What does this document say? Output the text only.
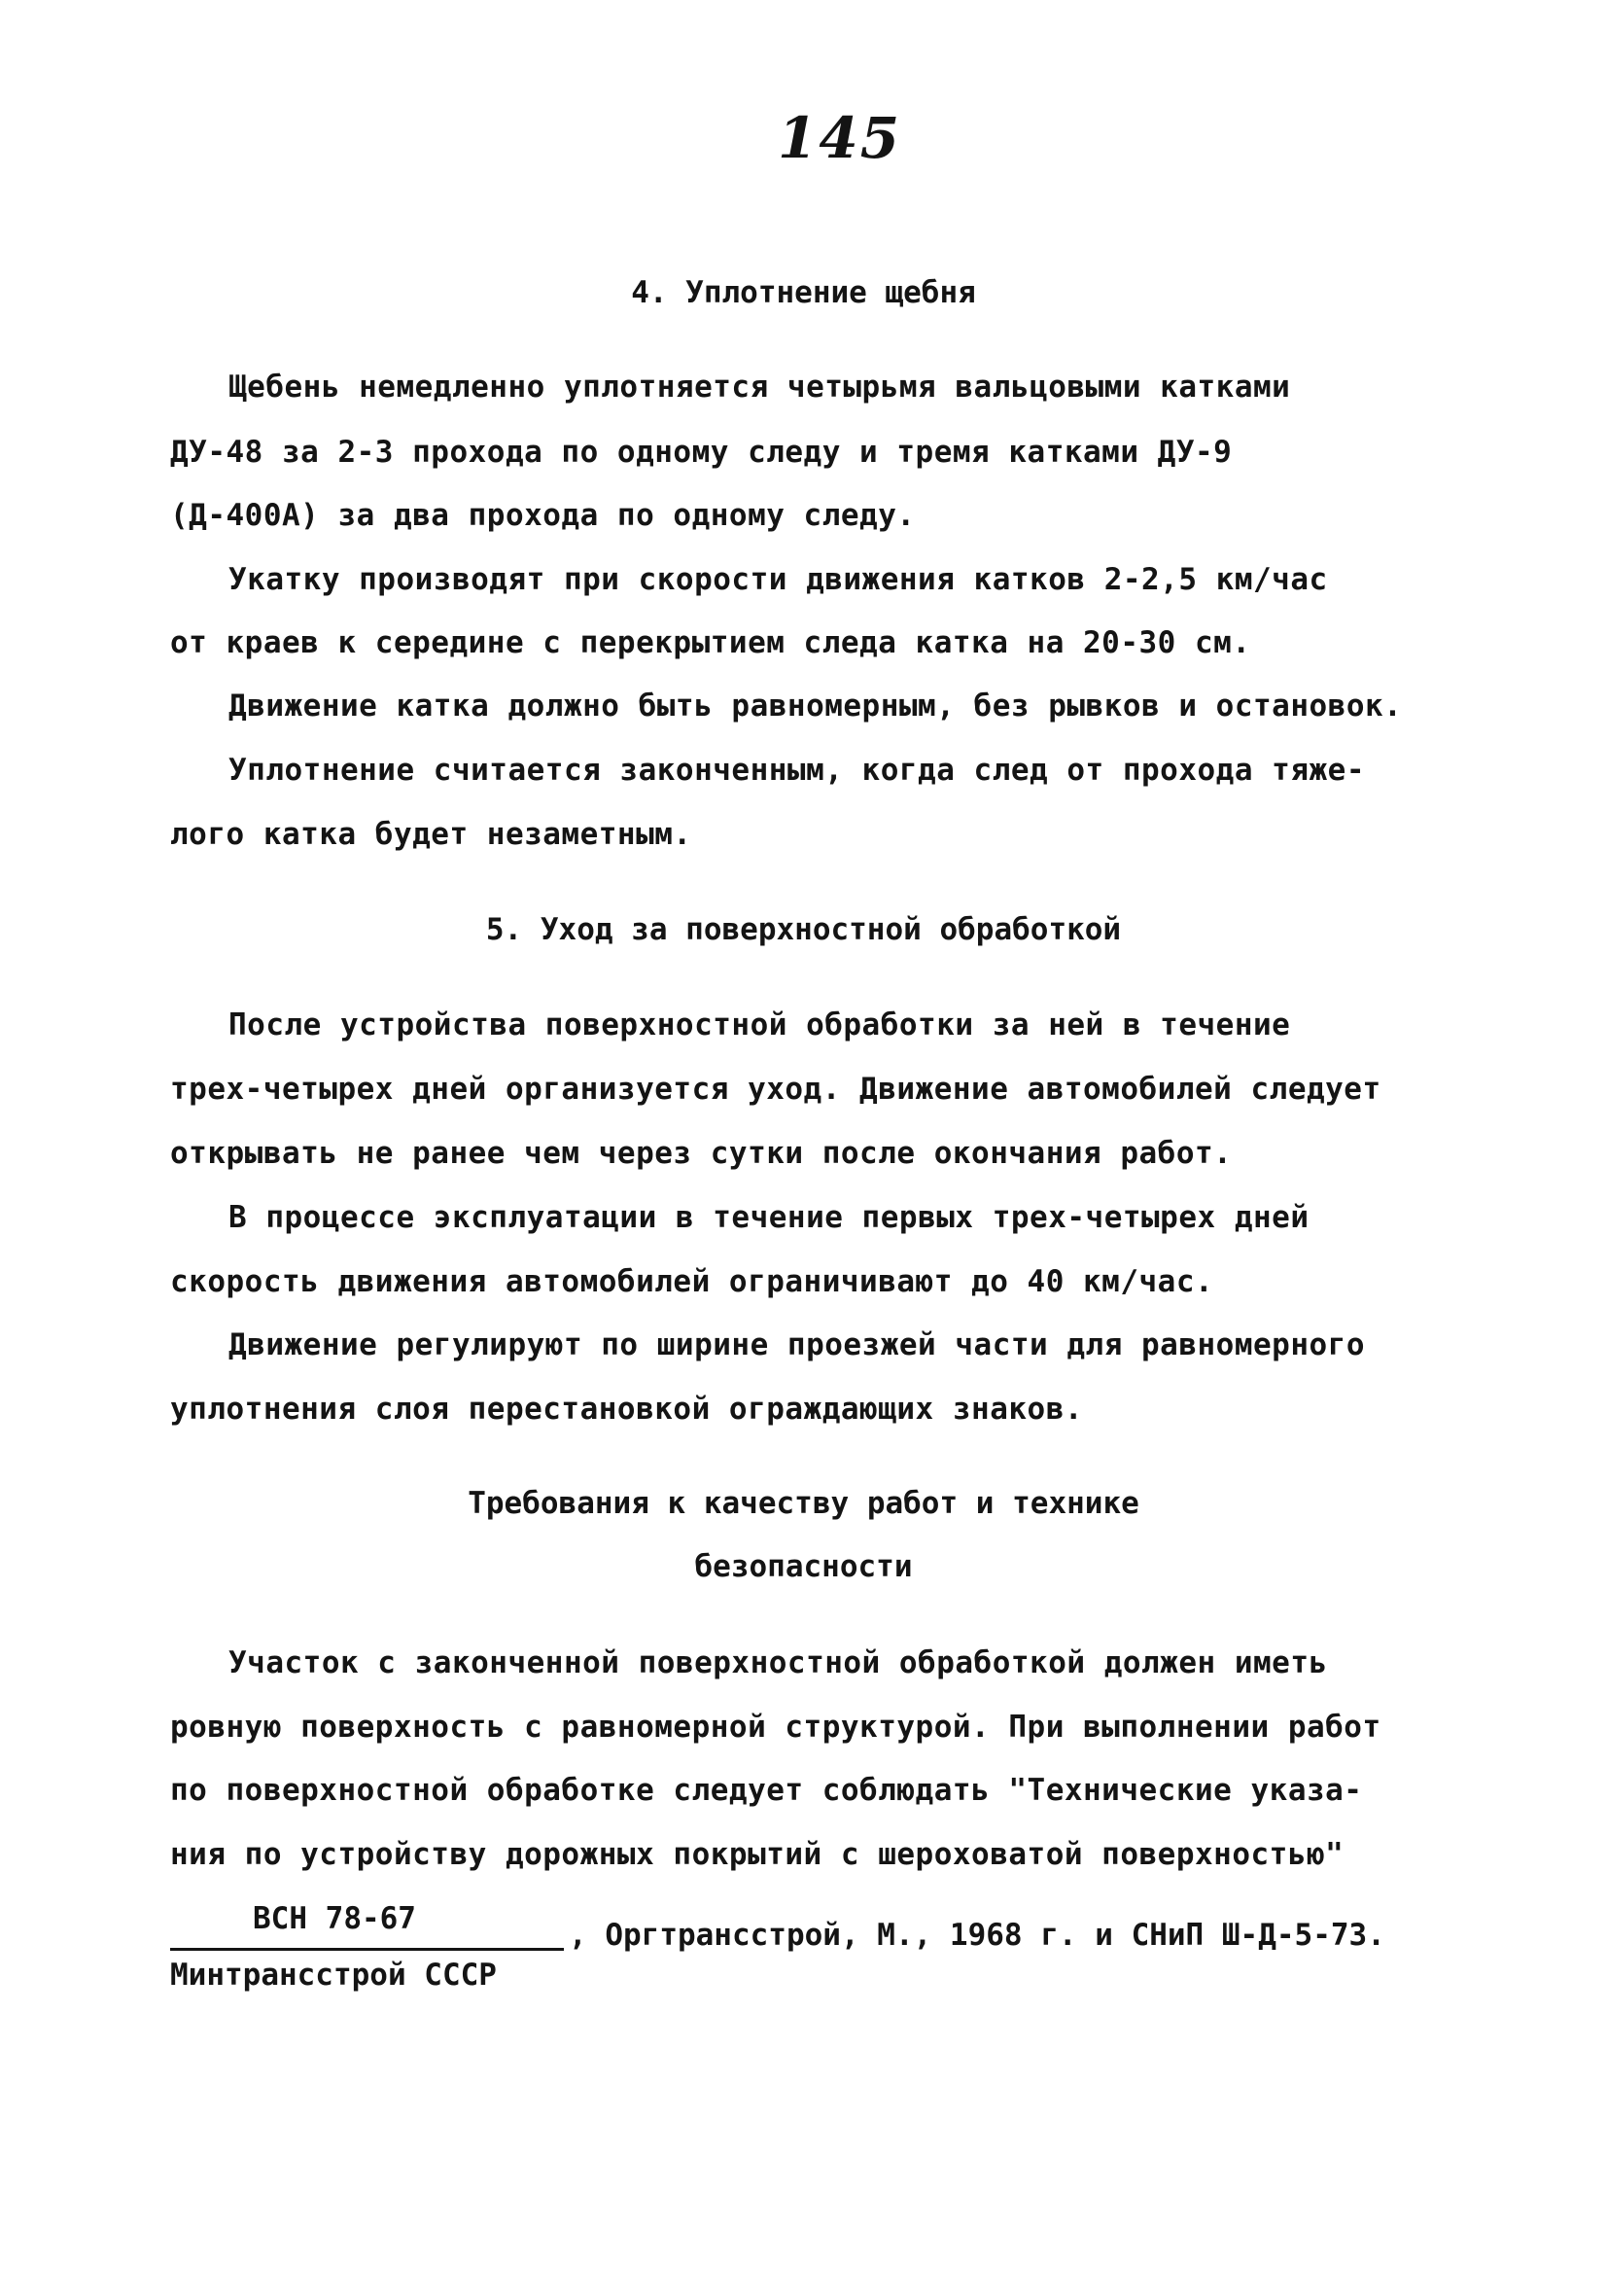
145
4. Уплотнение щебня
Щебень немедленно уплотняется четырьмя вальцовыми катками
ДУ-48 за 2-3 прохода по одному следу и тремя катками ДУ-9
(Д-400А) за два прохода по одному следу.
Укатку производят при скорости движения катков 2-2,5 км/час
от краев к середине с перекрытием следа катка на 20-30 см.
Движение катка должно быть равномерным, без рывков и остановок.
Уплотнение считается законченным, когда след от прохода тяже-
лого катка будет незаметным.
5. Уход за поверхностной обработкой
После устройства поверхностной обработки за ней в течение
трех-четырех дней организуется уход. Движение автомобилей следует
открывать не ранее чем через сутки после окончания работ.
В процессе эксплуатации в течение первых трех-четырех дней
скорость движения автомобилей ограничивают до 40 км/час.
Движение регулируют по ширине проезжей части для равномерного
уплотнения слоя перестановкой ограждающих знаков.
Требования к качеству работ и технике
безопасности
Участок с законченной поверхностной обработкой должен иметь
ровную поверхность с равномерной структурой. При выполнении работ
по поверхностной обработке следует соблюдать "Технические указа-
ния по устройству дорожных покрытий с шероховатой поверхностью"
ВСН 78-67
Минтрансстрой СССР
, Оргтрансстрой, М., 1968 г. и СНиП Ш-Д-5-73.
